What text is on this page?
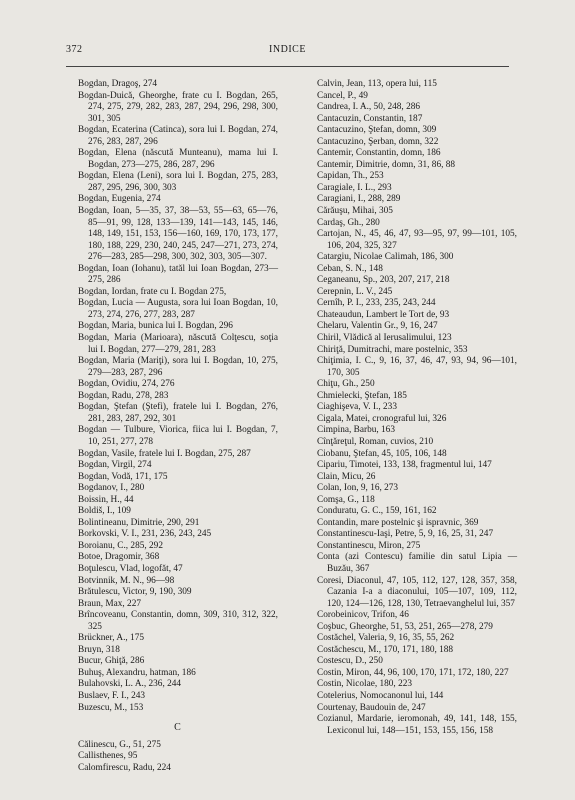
372	INDICE
Bogdan, Dragoş, 274
Bogdan-Duică, Gheorghe, frate cu I. Bogdan, 265, 274, 275, 279, 282, 283, 287, 294, 296, 298, 300, 301, 305
Bogdan, Ecaterina (Catinca), sora lui I. Bogdan, 274, 276, 283, 287, 296
Bogdan, Elena (născută Munteanu), mama lui I. Bogdan, 273—275, 286, 287, 296
Bogdan, Elena (Leni), sora lui I. Bogdan, 275, 283, 287, 295, 296, 300, 303
Bogdan, Eugenia, 274
Bogdan, Ioan, 5—35, 37, 38—53, 55—63, 65—76, 85—91, 99, 128, 133—139, 141—143, 145, 146, 148, 149, 151, 153, 156—160, 169, 170, 173, 177, 180, 188, 229, 230, 240, 245, 247—271, 273, 274, 276—283, 285—298, 300, 302, 303, 305—307.
Bogdan, Ioan (Iohanu), tatăl lui Ioan Bogdan, 273—275, 286
Bogdan, Iordan, frate cu I. Bogdan 275,
Bogdan, Lucia — Augusta, sora lui Ioan Bogdan, 10, 273, 274, 276, 277, 283, 287
Bogdan, Maria, bunica lui I. Bogdan, 296
Bogdan, Maria (Marioara), născută Colţescu, soţia lui I. Bogdan, 277—279, 281, 283
Bogdan, Maria (Mariţi), sora lui I. Bogdan, 10, 275, 279—283, 287, 296
Bogdan, Ovidiu, 274, 276
Bogdan, Radu, 278, 283
Bogdan, Ştefan (Ştefi), fratele lui I. Bogdan, 276, 281, 283, 287, 292, 301
Bogdan — Tulbure, Viorica, fiica lui I. Bogdan, 7, 10, 251, 277, 278
Bogdan, Vasile, fratele lui I. Bogdan, 275, 287
Bogdan, Virgil, 274
Bogdan, Vodă, 171, 175
Bogdanov, I., 280
Boissin, H., 44
Boldiš, I., 109
Bolintineanu, Dimitrie, 290, 291
Borkovski, V. I., 231, 236, 243, 245
Boroianu, C., 285, 292
Botoe, Dragomir, 368
Boţulescu, Vlad, logofăt, 47
Botvinnik, M. N., 96—98
Brătulescu, Victor, 9, 190, 309
Braun, Max, 227
Brîncoveanu, Constantin, domn, 309, 310, 312, 322, 325
Brückner, A., 175
Bruyn, 318
Bucur, Ghiţă, 286
Buhuş, Alexandru, hatman, 186
Bulahovski, L. A., 236, 244
Buslaev, F. I., 243
Buzescu, M., 153
C
Călinescu, G., 51, 275
Callisthenes, 95
Calomfirescu, Radu, 224
Calvin, Jean, 113, opera lui, 115
Cancel, P., 49
Candrea, I. A., 50, 248, 286
Cantacuzin, Constantin, 187
Cantacuzino, Ştefan, domn, 309
Cantacuzino, Şerban, domn, 322
Cantemir, Constantin, domn, 186
Cantemir, Dimitrie, domn, 31, 86, 88
Capidan, Th., 253
Caragiale, I. L., 293
Caragiani, I., 288, 289
Cărăuşu, Mihai, 305
Cardaş, Gh., 280
Cartojan, N., 45, 46, 47, 93—95, 97, 99—101, 105, 106, 204, 325, 327
Catargiu, Nicolae Calimah, 186, 300
Ceban, S. N., 148
Ceganeanu, Sp., 203, 207, 217, 218
Cerepnin, L. V., 245
Cernîh, P. I., 233, 235, 243, 244
Chateaudun, Lambert le Tort de, 93
Chelaru, Valentin Gr., 9, 16, 247
Chiril, Vlădică al Ierusalimului, 123
Chiriţă, Dumitrachi, mare postelnic, 353
Chiţimia, I. C., 9, 16, 37, 46, 47, 93, 94, 96—101, 170, 305
Chiţu, Gh., 250
Chmielecki, Ştefan, 185
Ciaghişeva, V. I., 233
Cigala, Matei, cronograful lui, 326
Cimpina, Barbu, 163
Cînţăreţul, Roman, cuvios, 210
Ciobanu, Ştefan, 45, 105, 106, 148
Cipariu, Timotei, 133, 138, fragmentul lui, 147
Clain, Micu, 26
Colan, Ion, 9, 16, 273
Comşa, G., 118
Conduratu, G. C., 159, 161, 162
Contandin, mare postelnic şi ispravnic, 369
Constantinescu-Iaşi, Petre, 5, 9, 16, 25, 31, 247
Constantinescu, Miron, 275
Conta (azi Contescu) familie din satul Lipia — Buzău, 367
Coresi, Diaconul, 47, 105, 112, 127, 128, 357, 358, Cazania I-a a diaconului, 105—107, 109, 112, 120, 124—126, 128, 130, Tetraevanghelul lui, 357
Corobeinicov, Trifon, 46
Coşbuc, Gheorghe, 51, 53, 251, 265—278, 279
Costăchel, Valeria, 9, 16, 35, 55, 262
Costăchescu, M., 170, 171, 180, 188
Costescu, D., 250
Costin, Miron, 44, 96, 100, 170, 171, 172, 180, 227
Costin, Nicolae, 180, 223
Cotelerius, Nomocanonul lui, 144
Courtenay, Baudouin de, 247
Cozianul, Mardarie, ieromonah, 49, 141, 148, 155, Lexiconul lui, 148—151, 153, 155, 156, 158
